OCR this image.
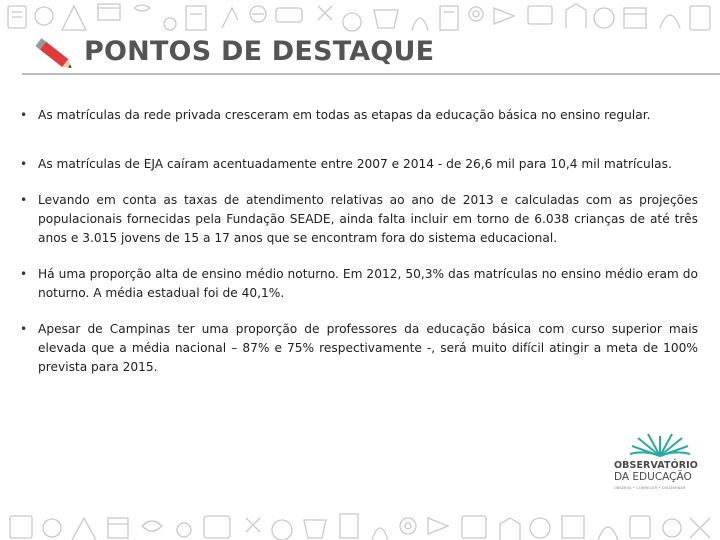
PONTOS DE DESTAQUE
• As matrículas da rede privada cresceram em todas as etapas da educação básica no ensino regular.
• As matrículas de EJA caíram acentuadamente entre 2007 e 2014 - de 26,6 mil para 10,4 mil matrículas.
• Levando em conta as taxas de atendimento relativas ao ano de 2013 e calculadas com as projeções populacionais fornecidas pela Fundação SEADE, ainda falta incluir em torno de 6.038 crianças de até três anos e 3.015 jovens de 15 a 17 anos que se encontram fora do sistema educacional.
• Há uma proporção alta de ensino médio noturno. Em 2012, 50,3% das matrículas no ensino médio eram do noturno. A média estadual foi de 40,1%.
• Apesar de Campinas ter uma proporção de professores da educação básica com curso superior mais elevada que a média nacional – 87% e 75% respectivamente -, será muito difícil atingir a meta de 100% prevista para 2015.
OBSERVATÓRIO
DA EDUCAÇÃO
OBSERVA • CONHECER • DISSEMINAR
